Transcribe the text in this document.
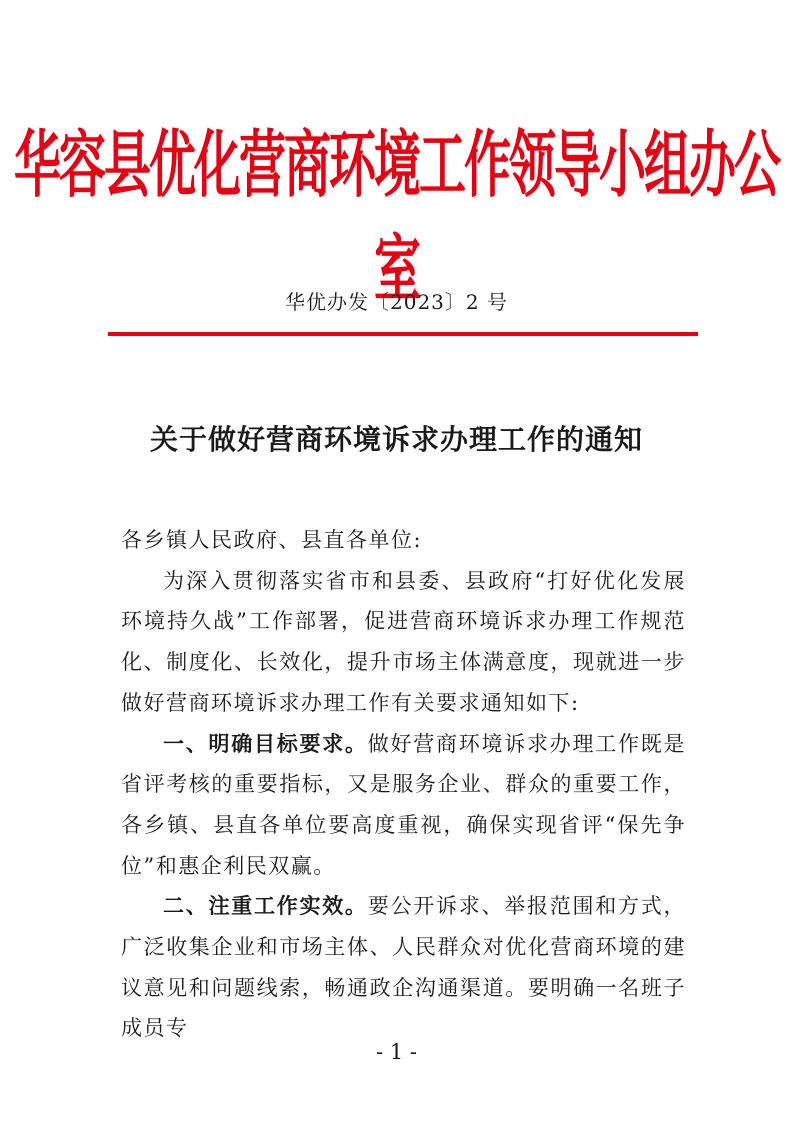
华容县优化营商环境工作领导小组办公室
华优办发〔2023〕2 号
关于做好营商环境诉求办理工作的通知

各乡镇人民政府、县直各单位:

为深入贯彻落实省市和县委、县政府“打好优化发展环境持久战”工作部署，促进营商环境诉求办理工作规范化、制度化、长效化，提升市场主体满意度，现就进一步做好营商环境诉求办理工作有关要求通知如下:

一、明确目标要求。做好营商环境诉求办理工作既是省评考核的重要指标，又是服务企业、群众的重要工作，各乡镇、县直各单位要高度重视，确保实现省评“保先争位”和惠企利民双赢。

二、注重工作实效。要公开诉求、举报范围和方式，广泛收集企业和市场主体、人民群众对优化营商环境的建议意见和问题线索，畅通政企沟通渠道。要明确一名班子成员专

- 1 -
